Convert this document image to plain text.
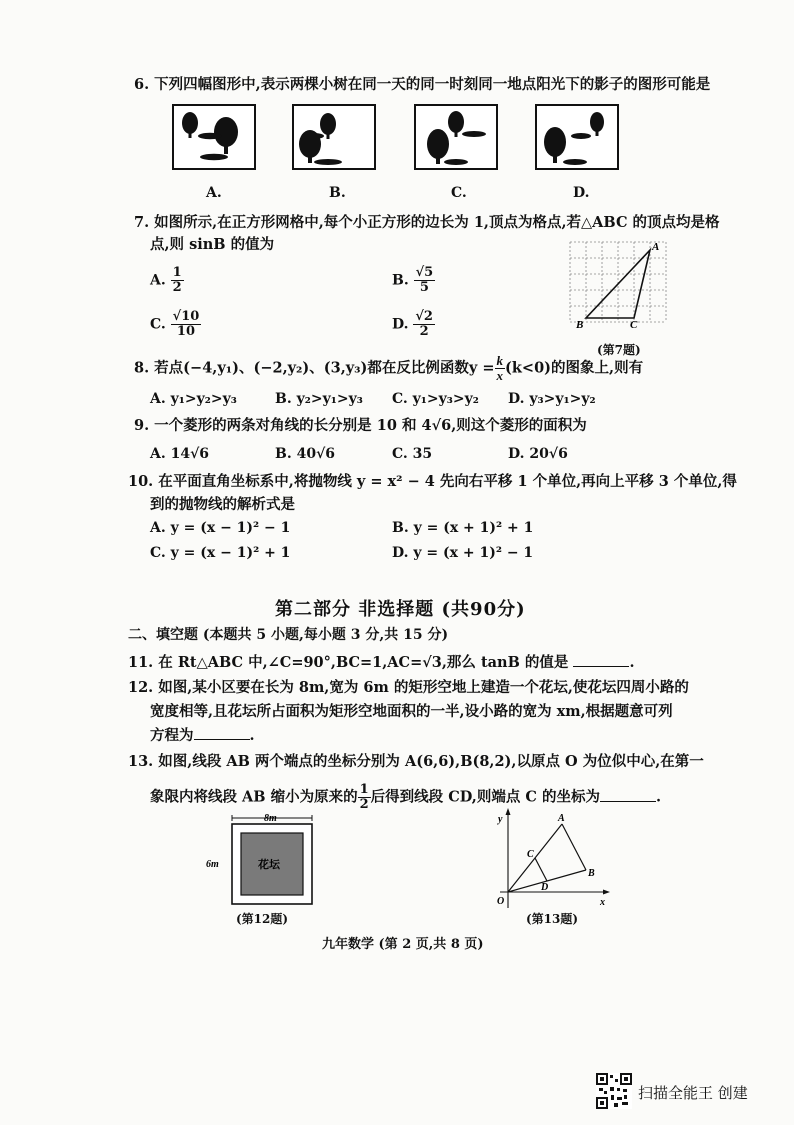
6. 下列四幅图形中,表示两棵小树在同一天的同一时刻同一地点阳光下的影子的图形可能是
A.	B.	C.	D.
7. 如图所示,在正方形网格中,每个小正方形的边长为 1,顶点为格点,若△ABC 的顶点均是格
点,则 sinB 的值为
A. $\frac{1}{2}$	B. $\frac{√5}{5}$
C. $\frac{√10}{10}$	D. $\frac{√2}{2}$
A
B	C
(第7题)
8. 若点(−4,y₁)、(−2,y₂)、(3,y₃)都在反比例函数$y = \frac{k}{x} (k<0)$的图象上,则有
A. y₁>y₂>y₃	B. y₂>y₁>y₃ C. y₁>y₃>y₂ D. y₃>y₁>y₂
9. 一个菱形的两条对角线的长分别是 10 和 4√6,则这个菱形的面积为
A. 14√6	B. 40√6	C. 35	D. 20√6
10. 在平面直角坐标系中,将抛物线 y = x² − 4 先向右平移 1 个单位,再向上平移 3 个单位,得
到的抛物线的解析式是
A. y = (x − 1)² − 1	B. y = (x + 1)² + 1
C. y = (x − 1)² + 1	D. y = (x + 1)² − 1
第二部分 非选择题 (共90分)
二、填空题 (本题共 5 小题,每小题 3 分,共 15 分)
11. 在 Rt△ABC 中,∠C=90°,BC=1,AC=√3,那么 tanB 的值是	.
12. 如图,某小区要在长为 8m,宽为 6m 的矩形空地上建造一个花坛,使花坛四周小路的
宽度相等,且花坛所占面积为矩形空地面积的一半,设小路的宽为 xm,根据题意可列
方程为	.
13. 如图,线段 AB 两个端点的坐标分别为 A(6,6),B(8,2),以原点 O 为位似中心,在第一
象限内将线段 AB 缩小为原来的 $\frac{1}{2}$ 后得到线段 CD,则端点 C 的坐标为	.
8m
花坛
6m
(第12题)
y
x
O
A
B
C
D
(第13题)
九年数学 (第 2 页,共 8 页)
扫描全能王 创建
